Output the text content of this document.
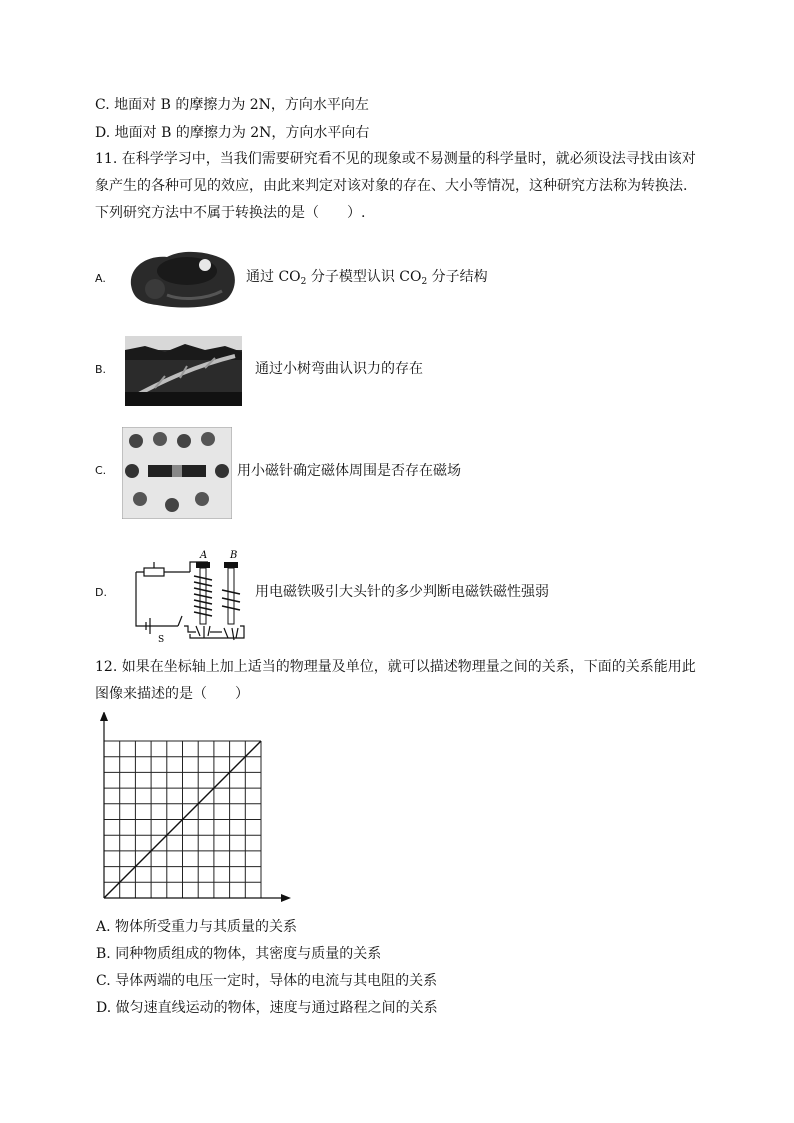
C. 地面对 B 的摩擦力为 2N，方向水平向左
D. 地面对 B 的摩擦力为 2N，方向水平向右
11. 在科学学习中，当我们需要研究看不见的现象或不易测量的科学量时，就必须设法寻找由该对象产生的各种可见的效应，由此来判定对该对象的存在、大小等情况，这种研究方法称为转换法.下列研究方法中不属于转换法的是（　　）.
A.	通过 $CO_2$ 分子模型认识 $CO_2$ 分子结构
B.	通过小树弯曲认识力的存在
C.	用小磁针确定磁体周围是否存在磁场
D.
A B
S
用电磁铁吸引大头针的多少判断电磁铁磁性强弱
12. 如果在坐标轴上加上适当的物理量及单位，就可以描述物理量之间的关系，下面的关系能用此图像来描述的是（　　）
A. 物体所受重力与其质量的关系
B. 同种物质组成的物体，其密度与质量的关系
C. 导体两端的电压一定时，导体的电流与其电阻的关系
D. 做匀速直线运动的物体，速度与通过路程之间的关系
